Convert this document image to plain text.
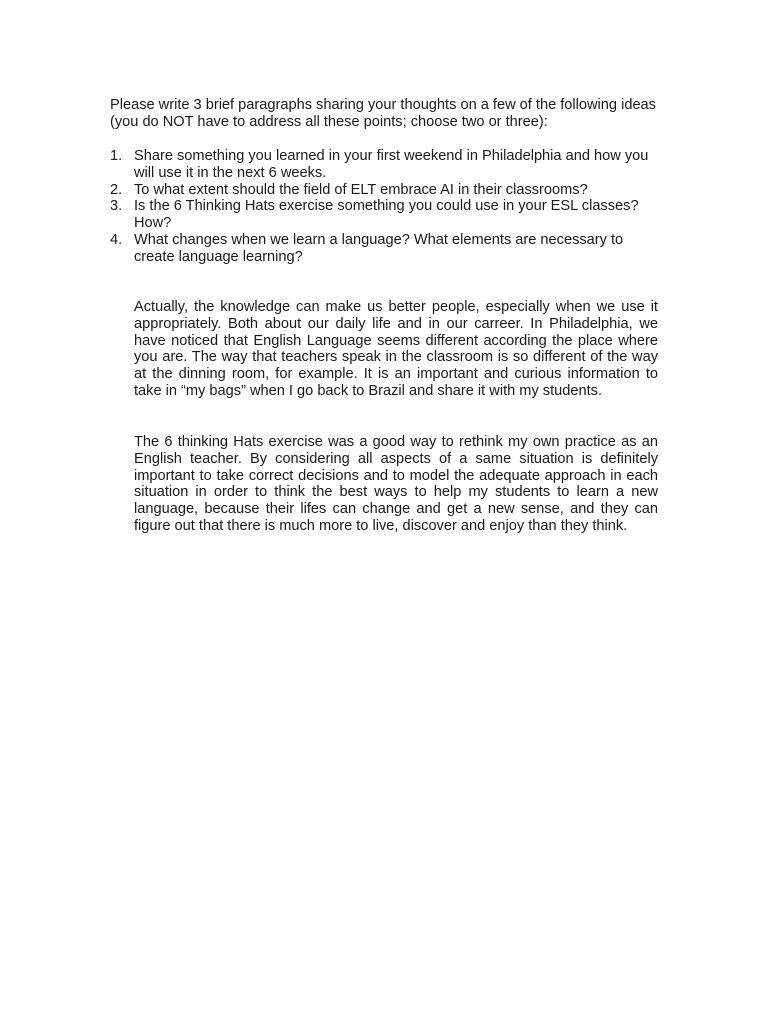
Please write 3 brief paragraphs sharing your thoughts on a few of the following ideas (you do NOT have to address all these points; choose two or three):

1. Share something you learned in your first weekend in Philadelphia and how you will use it in the next 6 weeks.
2. To what extent should the field of ELT embrace AI in their classrooms?
3. Is the 6 Thinking Hats exercise something you could use in your ESL classes? How?
4. What changes when we learn a language? What elements are necessary to create language learning?

Actually, the knowledge can make us better people, especially when we use it appropriately. Both about our daily life and in our carreer. In Philadelphia, we have noticed that English Language seems different according the place where you are. The way that teachers speak in the classroom is so different of the way at the dinning room, for example. It is an important and curious information to take in “my bags” when I go back to Brazil and share it with my students.

The 6 thinking Hats exercise was a good way to rethink my own practice as an English teacher. By considering all aspects of a same situation is definitely important to take correct decisions and to model the adequate approach in each situation in order to think the best ways to help my students to learn a new language, because their lifes can change and get a new sense, and they can figure out that there is much more to live, discover and enjoy than they think.
